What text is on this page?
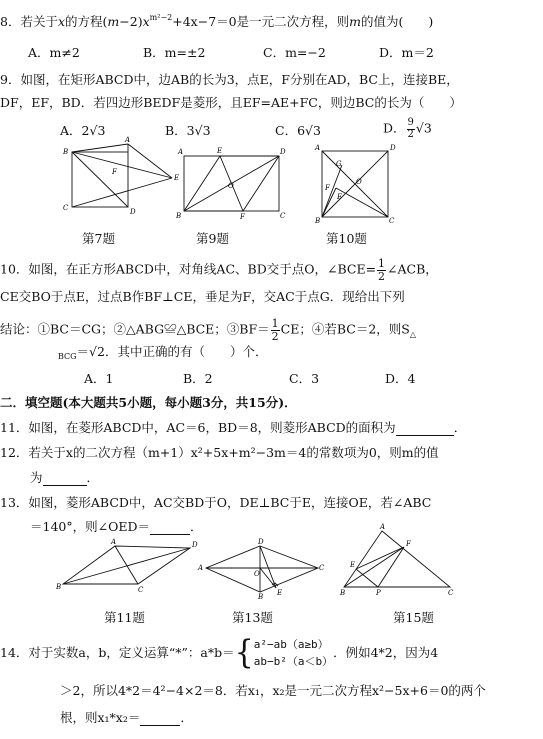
8．若关于x的方程$(m-2)x^{m^2-2}+4x-7=0$是一元二次方程，则m的值为(　　)
A．m≠2	B．m=±2	C．m=−2	D．m＝2
9．如图，在矩形ABCD中，边AB的长为3，点E，F分别在AD，BC上，连接BE，
DF，EF，BD．若四边形BEDF是菱形，且EF=AE+FC，则边BC的长为（　　）
A．2√3	B．3√3	C．6√3	D． $\frac{9}{2} √3$
B
A
F
E
C	D
A	E	D
O
B	F	C
A	D
G
O
F
E
B	C
第7题	第9题	第10题
10．如图，在正方形ABCD中，对角线AC、BD交于点O，∠BCE= $\frac{1}{2}$ ∠ACB，
CE交BO于点E，过点B作BF⊥CE，垂足为F，交AC于点G．现给出下列
结论：①BC＝CG；②△ABG≌△BCE；③BF＝ $\frac{1}{2}$ CE；④若BC＝2，则$S_\triangle$
$_{BCG}$＝√2．其中正确的有（　　）个．
A．1	B．2	C．3	D．4
二．填空题(本大题共5小题，每小题3分，共15分)．
11．如图，在菱形ABCD中，AC＝6，BD＝8，则菱形ABCD的面积为	．
12．若关于x的二次方程（m+1）x²+5x+m²−3m＝4的常数项为0，则m的值
为	．
13．如图，菱形ABCD中，AC交BD于O，DE⊥BC于E，连接OE，若∠ABC
＝140°，则∠OED＝	．
A	D
B	C
D
A
O
C
B E
A
F
E
B	P	C
第11题	第13题	第15题
14．对于实数a，b，定义运算“*”：a*b＝{ a²−ab（a≥b）
ab−b²（a＜b）
．例如4*2，因为4
＞2，所以4*2＝4²−4×2＝8．若x₁，x₂是一元二次方程x²−5x+6＝0的两个
根，则x₁*x₂＝	．
